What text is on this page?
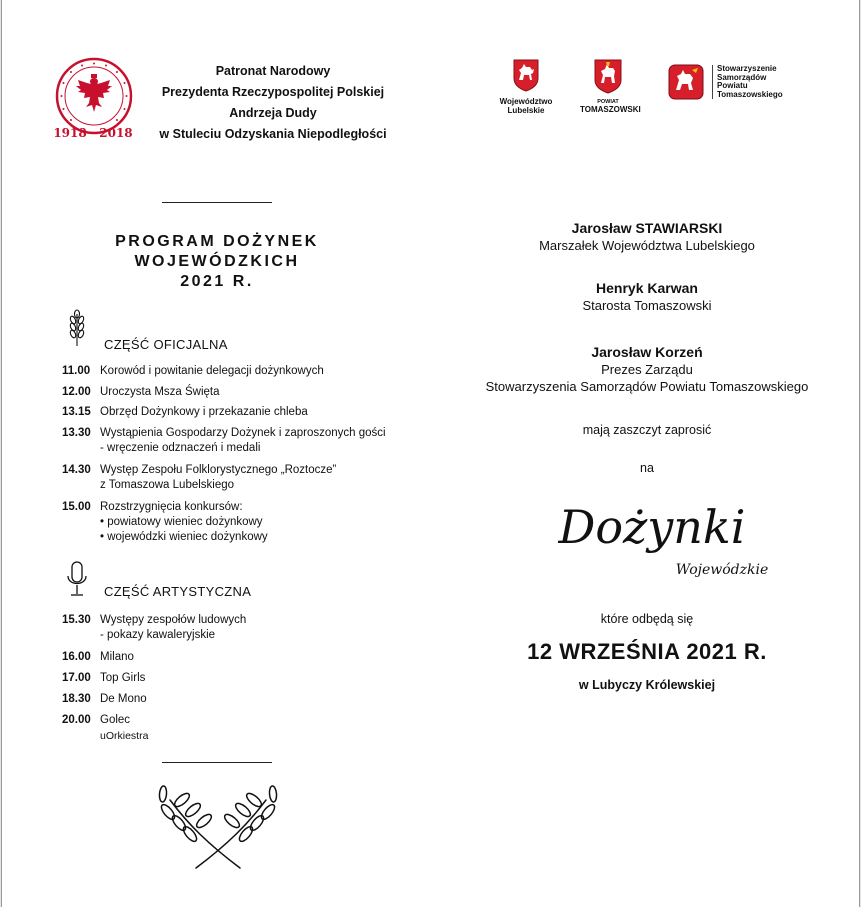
1918 · 2018
Patronat Narodowy
Prezydenta Rzeczypospolitej Polskiej
Andrzeja Dudy
w Stuleciu Odzyskania Niepodległości
Województwo
Lubelskie
POWIAT
TOMASZOWSKI
Stowarzyszenie
Samorządów
Powiatu
Tomaszowskiego
PROGRAM DOŻYNEK
WOJEWÓDZKICH
2021 R.
CZĘŚĆ OFICJALNA
11.00 Korowód i powitanie delegacji dożynkowych
12.00 Uroczysta Msza Święta
13.15 Obrzęd Dożynkowy i przekazanie chleba
13.30 Wystąpienia Gospodarzy Dożynek i zaproszonych gości
- wręczenie odznaczeń i medali
14.30 Występ Zespołu Folklorystycznego „Roztocze”
z Tomaszowa Lubelskiego
15.00 Rozstrzygnięcia konkursów:
• powiatowy wieniec dożynkowy
• wojewódzki wieniec dożynkowy
CZĘŚĆ ARTYSTYCZNA
15.30 Występy zespołów ludowych
- pokazy kawaleryjskie
16.00 Milano
17.00 Top Girls
18.30 De Mono
20.00 Golec
uOrkiestra
Jarosław STAWIARSKI
Marszałek Województwa Lubelskiego
Henryk Karwan
Starosta Tomaszowski
Jarosław Korzeń
Prezes Zarządu
Stowarzyszenia Samorządów Powiatu Tomaszowskiego
mają zaszczyt zaprosić
na
Dożynki
Wojewódzkie
które odbędą się
12 WRZEŚNIA 2021 R.
w Lubyczy Królewskiej
